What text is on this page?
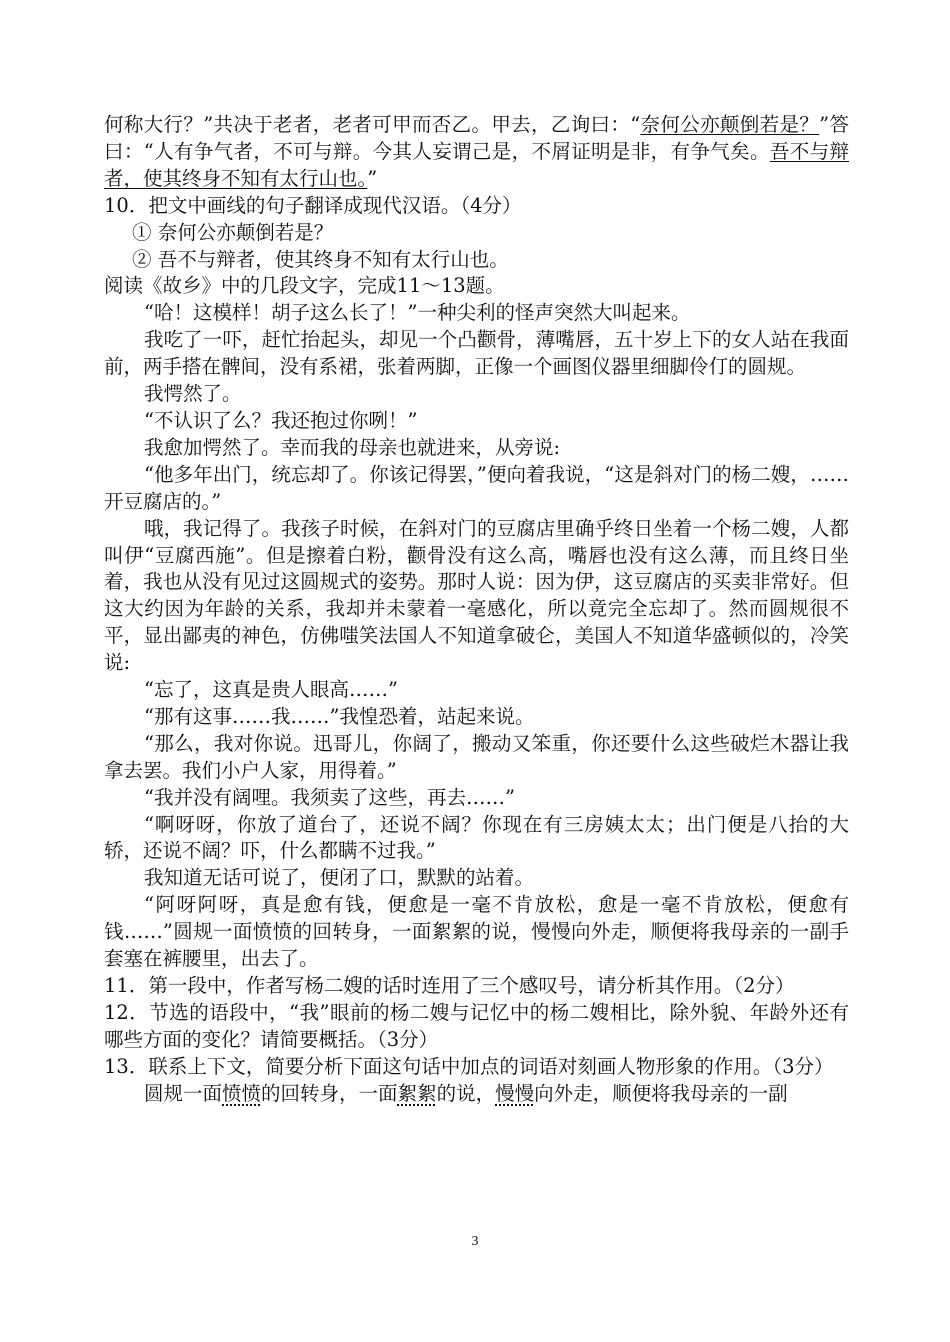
何称大行？”共决于老者，老者可甲而否乙。甲去，乙询曰：“奈何公亦颠倒若是？”答曰：“人有争气者，不可与辩。今其人妄谓己是，不屑证明是非，有争气矣。吾不与辩者，使其终身不知有太行山也。”

10．把文中画线的句子翻译成现代汉语。（4分）

① 奈何公亦颠倒若是？

② 吾不与辩者，使其终身不知有太行山也。

阅读《故乡》中的几段文字，完成11～13题。

“哈！这模样！胡子这么长了！”一种尖利的怪声突然大叫起来。

我吃了一吓，赶忙抬起头，却见一个凸颧骨，薄嘴唇，五十岁上下的女人站在我面前，两手搭在髀间，没有系裙，张着两脚，正像一个画图仪器里细脚伶仃的圆规。

我愕然了。

“不认识了么？我还抱过你咧！”

我愈加愕然了。幸而我的母亲也就进来，从旁说:

“他多年出门，统忘却了。你该记得罢，”便向着我说，“这是斜对门的杨二嫂，……开豆腐店的。”

哦，我记得了。我孩子时候，在斜对门的豆腐店里确乎终日坐着一个杨二嫂，人都叫伊“豆腐西施”。但是擦着白粉，颧骨没有这么高，嘴唇也没有这么薄，而且终日坐着，我也从没有见过这圆规式的姿势。那时人说：因为伊，这豆腐店的买卖非常好。但这大约因为年龄的关系，我却并未蒙着一毫感化，所以竟完全忘却了。然而圆规很不平，显出鄙夷的神色，仿佛嗤笑法国人不知道拿破仑，美国人不知道华盛顿似的，冷笑说:

“忘了，这真是贵人眼高……”

“那有这事……我……”我惶恐着，站起来说。

“那么，我对你说。迅哥儿，你阔了，搬动又笨重，你还要什么这些破烂木器让我拿去罢。我们小户人家，用得着。”

“我并没有阔哩。我须卖了这些，再去……”

“啊呀呀，你放了道台了，还说不阔？你现在有三房姨太太；出门便是八抬的大轿，还说不阔？吓，什么都瞒不过我。”

我知道无话可说了，便闭了口，默默的站着。

“阿呀阿呀，真是愈有钱，便愈是一毫不肯放松，愈是一毫不肯放松，便愈有钱……”圆规一面愤愤的回转身，一面絮絮的说，慢慢向外走，顺便将我母亲的一副手套塞在裤腰里，出去了。

11．第一段中，作者写杨二嫂的话时连用了三个感叹号，请分析其作用。（2分）

12．节选的语段中，“我”眼前的杨二嫂与记忆中的杨二嫂相比，除外貌、年龄外还有哪些方面的变化？请简要概括。（3分）

13．联系上下文，简要分析下面这句话中加点的词语对刻画人物形象的作用。（3分）

圆规一面愤愤的回转身，一面絮絮的说，慢慢向外走，顺便将我母亲的一副

3
